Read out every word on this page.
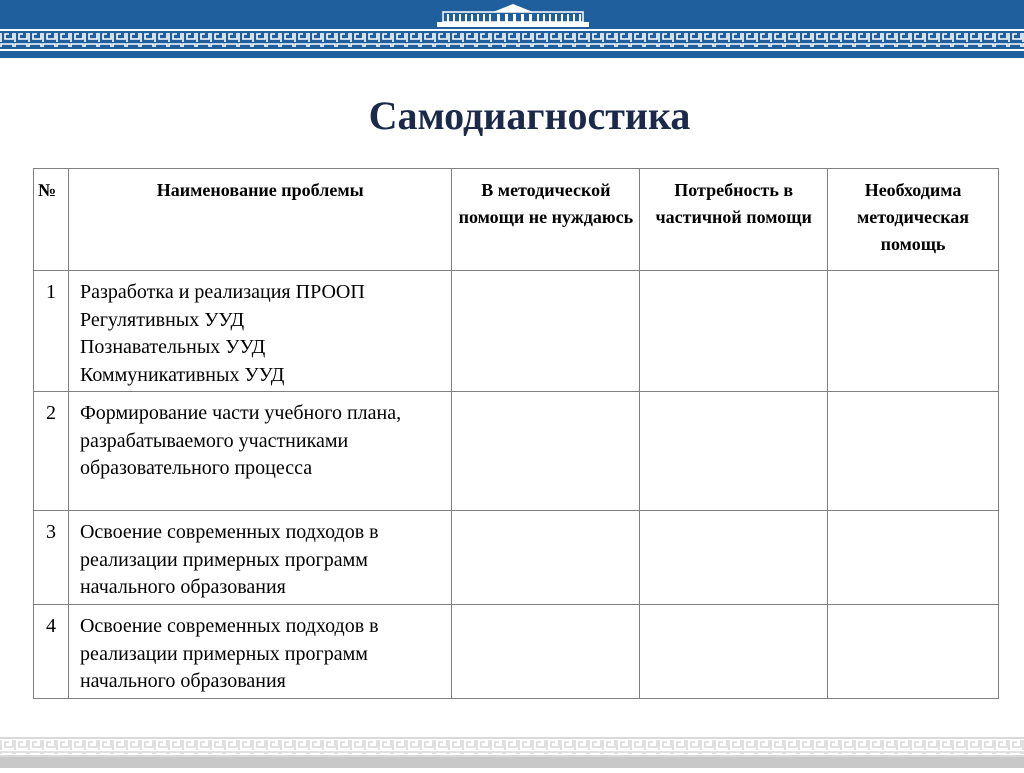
Самодиагностика
№	Наименование проблемы	В методической помощи не нуждаюсь	Потребность в частичной помощи	Необходима методическая помощь
1	Разработка и реализация ПРООП
Регулятивных УУД
Познавательных УУД
Коммуникативных УУД			
2	Формирование части учебного плана, разрабатываемого участниками образовательного процесса			
3	Освоение современных подходов в реализации примерных программ начального образования			
4	Освоение современных подходов в реализации примерных программ начального образования			
